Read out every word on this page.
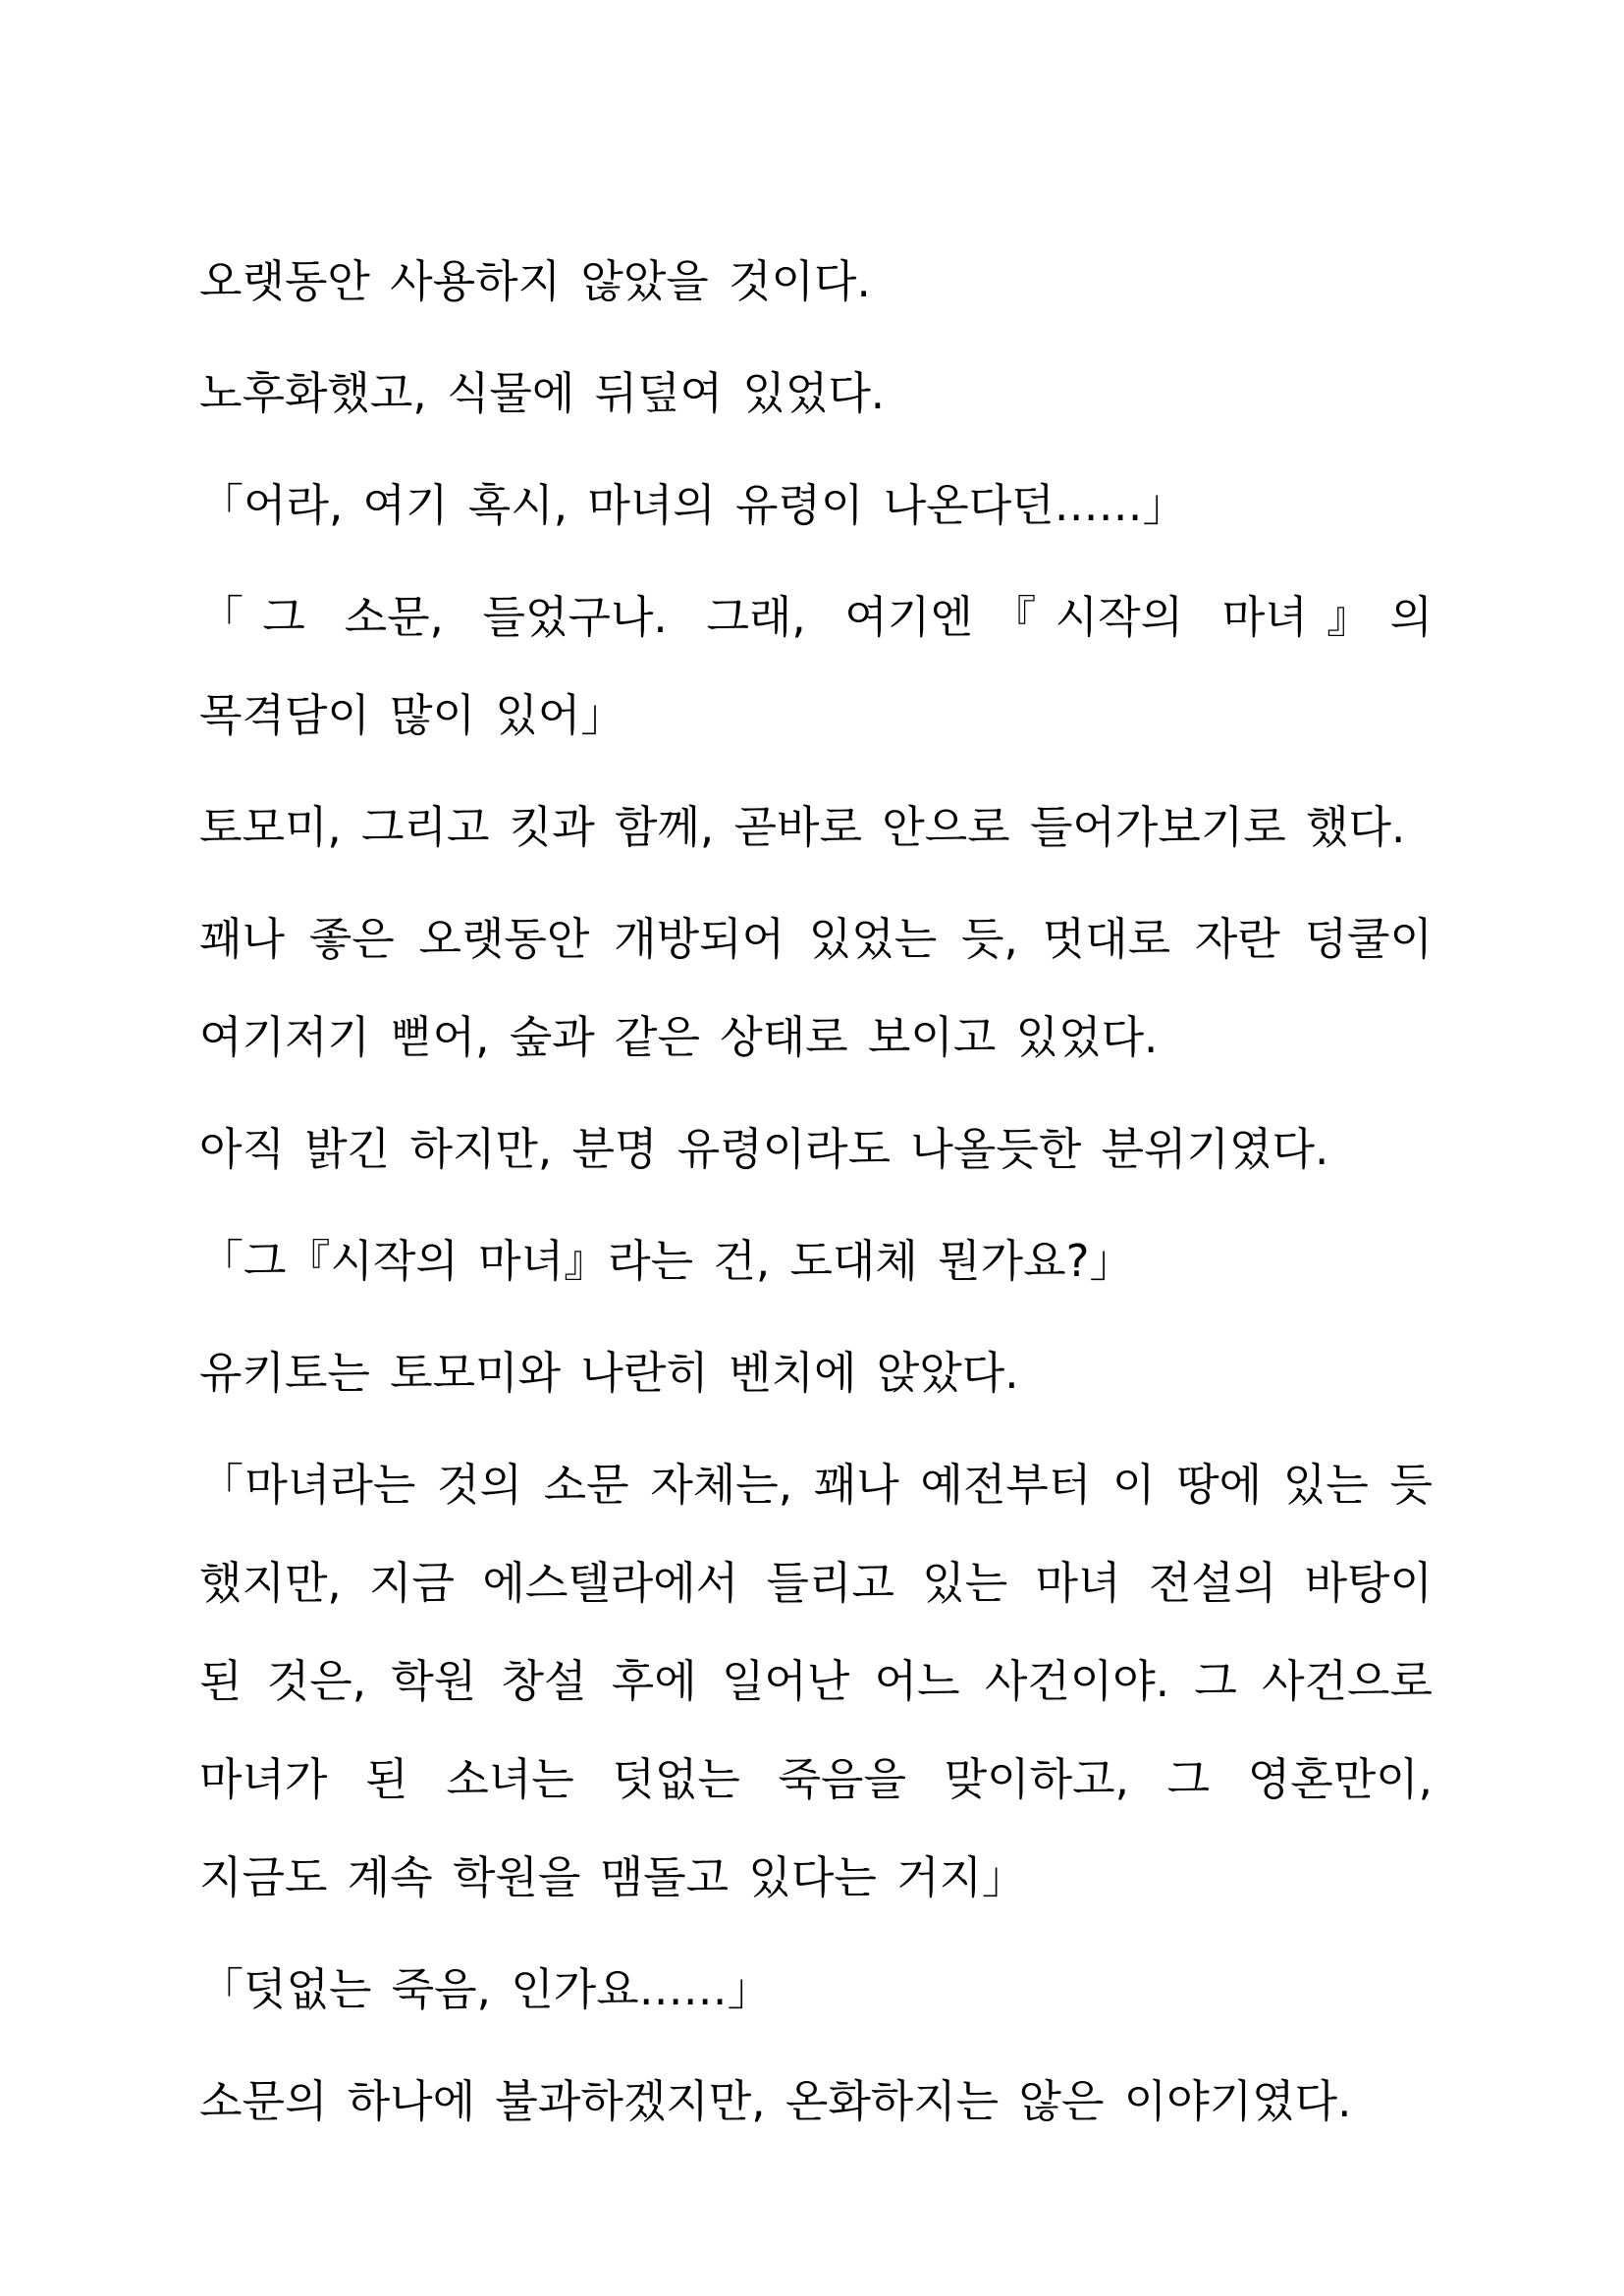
오랫동안 사용하지 않았을 것이다.

노후화했고, 식물에 뒤덮여 있었다.

「어라, 여기 혹시, 마녀의 유령이 나온다던……」

「그 소문, 들었구나. 그래, 여기엔『시작의 마녀』의 목격담이 많이 있어」

토모미, 그리고 킷과 함께, 곧바로 안으로 들어가보기로 했다.

꽤나 좋은 오랫동안 개방되어 있었는 듯, 멋대로 자란 덩쿨이 여기저기 뻗어, 숲과 같은 상태로 보이고 있었다.

아직 밝긴 하지만, 분명 유령이라도 나올듯한 분위기였다.

「그『시작의 마녀』라는 건, 도대체 뭔가요?」

유키토는 토모미와 나란히 벤치에 앉았다.

「마녀라는 것의 소문 자체는, 꽤나 예전부터 이 땅에 있는 듯 했지만, 지금 에스텔라에서 들리고 있는 마녀 전설의 바탕이 된 것은, 학원 창설 후에 일어난 어느 사건이야. 그 사건으로 마녀가 된 소녀는 덧없는 죽음을 맞이하고, 그 영혼만이, 지금도 계속 학원을 맴돌고 있다는 거지」

「덧없는 죽음, 인가요……」

소문의 하나에 불과하겠지만, 온화하지는 않은 이야기였다.
